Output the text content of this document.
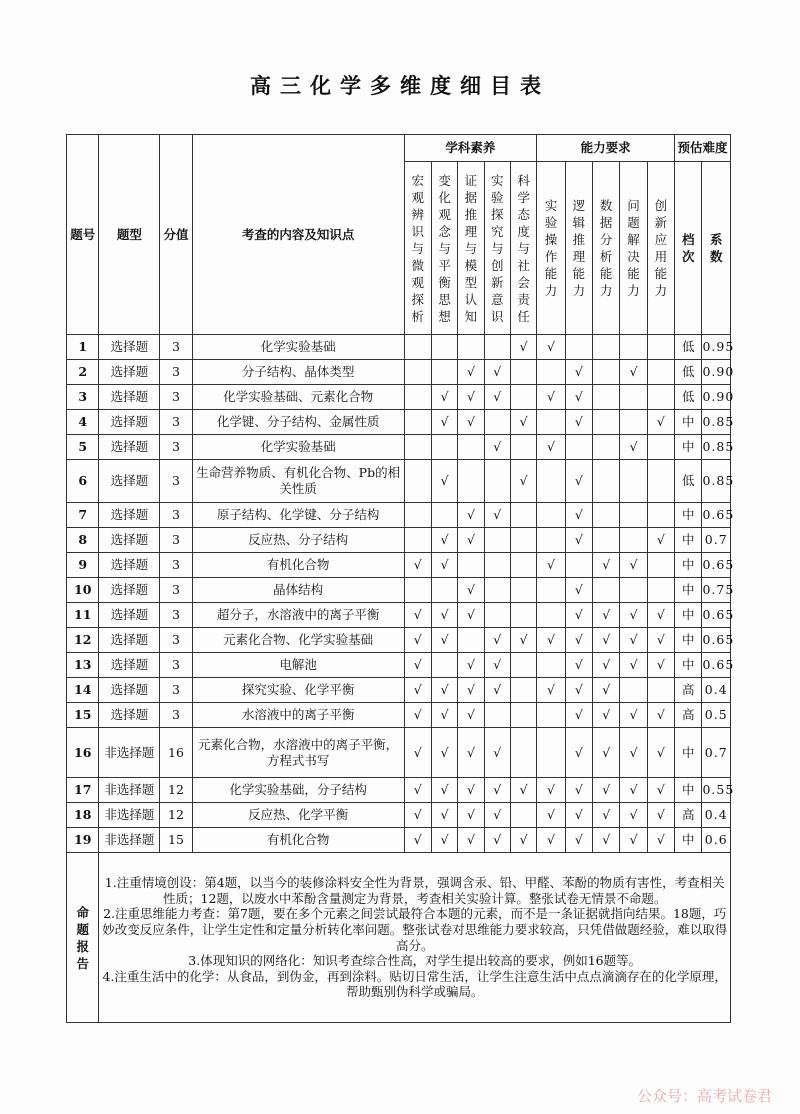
高三化学多维度细目表
题号	题型	分值	考查的内容及知识点	学科素养					能力要求					预估难度	

				宏观辨识与微观探析	变化观念与平衡思想	证据推理与模型认知	实验探究与创新意识	科学态度与社会责任	实验操作能力	逻辑推理能力	数据分析能力	问题解决能力	创新应用能力	档次	系数

1	选择题	3	化学实验基础					√	√					低	0.95
2	选择题	3	分子结构、晶体类型			√	√			√		√		低	0.90
3	选择题	3	化学实验基础、元素化合物		√	√	√		√	√				低	0.90
4	选择题	3	化学键、分子结构、金属性质		√	√		√		√			√	中	0.85
5	选择题	3	化学实验基础				√		√			√		中	0.85
6	选择题	3	生命营养物质、有机化合物、Pb的相关性质		√			√		√				低	0.85
7	选择题	3	原子结构、化学键、分子结构			√	√			√				中	0.65
8	选择题	3	反应热、分子结构		√	√				√			√	中	0.7
9	选择题	3	有机化合物	√	√				√		√	√		中	0.65
10	选择题	3	晶体结构			√				√				中	0.75
11	选择题	3	超分子，水溶液中的离子平衡	√	√	√				√	√	√	√	中	0.65
12	选择题	3	元素化合物、化学实验基础	√	√		√	√	√	√	√	√	√	中	0.65
13	选择题	3	电解池	√		√	√			√	√	√	√	中	0.65
14	选择题	3	探究实验、化学平衡	√	√	√	√		√	√	√			高	0.4
15	选择题	3	水溶液中的离子平衡	√	√	√				√	√	√	√	高	0.5
16	非选择题	16	元素化合物，水溶液中的离子平衡，方程式书写	√	√	√	√			√	√	√	√	中	0.7
17	非选择题	12	化学实验基础，分子结构	√	√	√	√	√	√	√	√	√	√	中	0.55
18	非选择题	12	反应热、化学平衡	√	√	√	√		√	√	√	√	√	高	0.4
19	非选择题	15	有机化合物	√	√	√	√	√	√	√	√	√	√	中	0.6

命题报告	1.注重情境创设：第4题，以当今的装修涂料安全性为背景，强调含汞、铅、甲醛、苯酚的物质有害性，考查相关性质；12题，以废水中苯酚含量测定为背景，考查相关实验计算。整张试卷无情景不命题。

2.注重思维能力考查：第7题，要在多个元素之间尝试最符合本题的元素，而不是一条证据就指向结果。18题，巧妙改变反应条件，让学生定性和定量分析转化率问题。整张试卷对思维能力要求较高，只凭借做题经验，难以取得高分。

3.体现知识的网络化：知识考查综合性高，对学生提出较高的要求，例如16题等。

4.注重生活中的化学：从食品，到伪金，再到涂料。贴切日常生活，让学生注意生活中点点滴滴存在的化学原理，帮助甄别伪科学或骗局。														

公众号：高考试卷君
